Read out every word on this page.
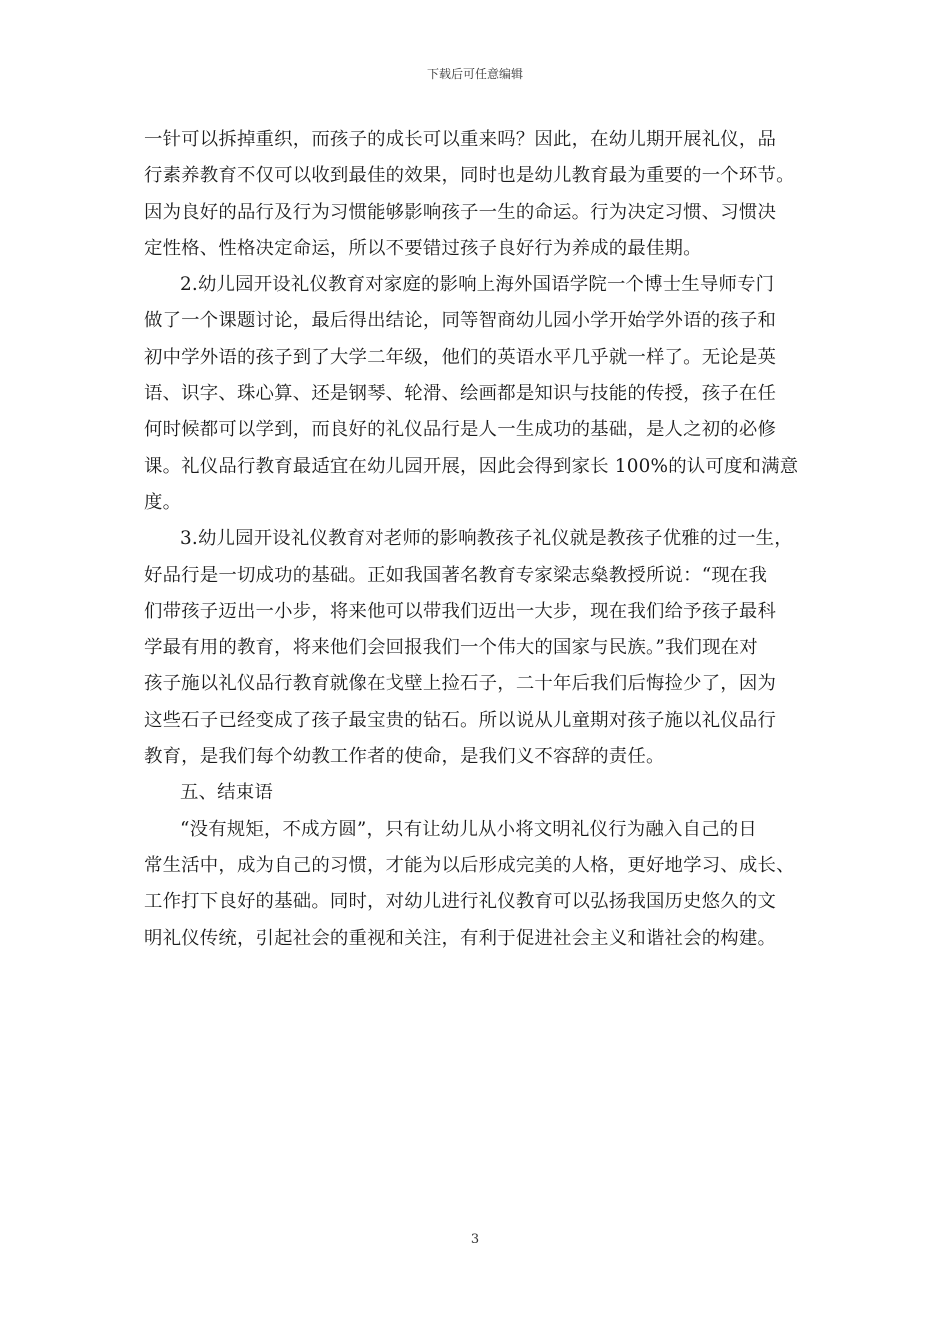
下载后可任意编辑
一针可以拆掉重织，而孩子的成长可以重来吗？因此，在幼儿期开展礼仪，品
行素养教育不仅可以收到最佳的效果，同时也是幼儿教育最为重要的一个环节。
因为良好的品行及行为习惯能够影响孩子一生的命运。行为决定习惯、习惯决
定性格、性格决定命运，所以不要错过孩子良好行为养成的最佳期。
2.幼儿园开设礼仪教育对家庭的影响上海外国语学院一个博士生导师专门
做了一个课题讨论，最后得出结论，同等智商幼儿园小学开始学外语的孩子和
初中学外语的孩子到了大学二年级，他们的英语水平几乎就一样了。无论是英
语、识字、珠心算、还是钢琴、轮滑、绘画都是知识与技能的传授，孩子在任
何时候都可以学到，而良好的礼仪品行是人一生成功的基础，是人之初的必修
课。礼仪品行教育最适宜在幼儿园开展，因此会得到家长 100%的认可度和满意
度。
3.幼儿园开设礼仪教育对老师的影响教孩子礼仪就是教孩子优雅的过一生，
好品行是一切成功的基础。正如我国著名教育专家梁志燊教授所说：“现在我
们带孩子迈出一小步，将来他可以带我们迈出一大步，现在我们给予孩子最科
学最有用的教育，将来他们会回报我们一个伟大的国家与民族。”我们现在对
孩子施以礼仪品行教育就像在戈壁上捡石子，二十年后我们后悔捡少了，因为
这些石子已经变成了孩子最宝贵的钻石。所以说从儿童期对孩子施以礼仪品行
教育，是我们每个幼教工作者的使命，是我们义不容辞的责任。
五、结束语
“没有规矩，不成方圆”，只有让幼儿从小将文明礼仪行为融入自己的日
常生活中，成为自己的习惯，才能为以后形成完美的人格，更好地学习、成长、
工作打下良好的基础。同时，对幼儿进行礼仪教育可以弘扬我国历史悠久的文
明礼仪传统，引起社会的重视和关注，有利于促进社会主义和谐社会的构建。
3
